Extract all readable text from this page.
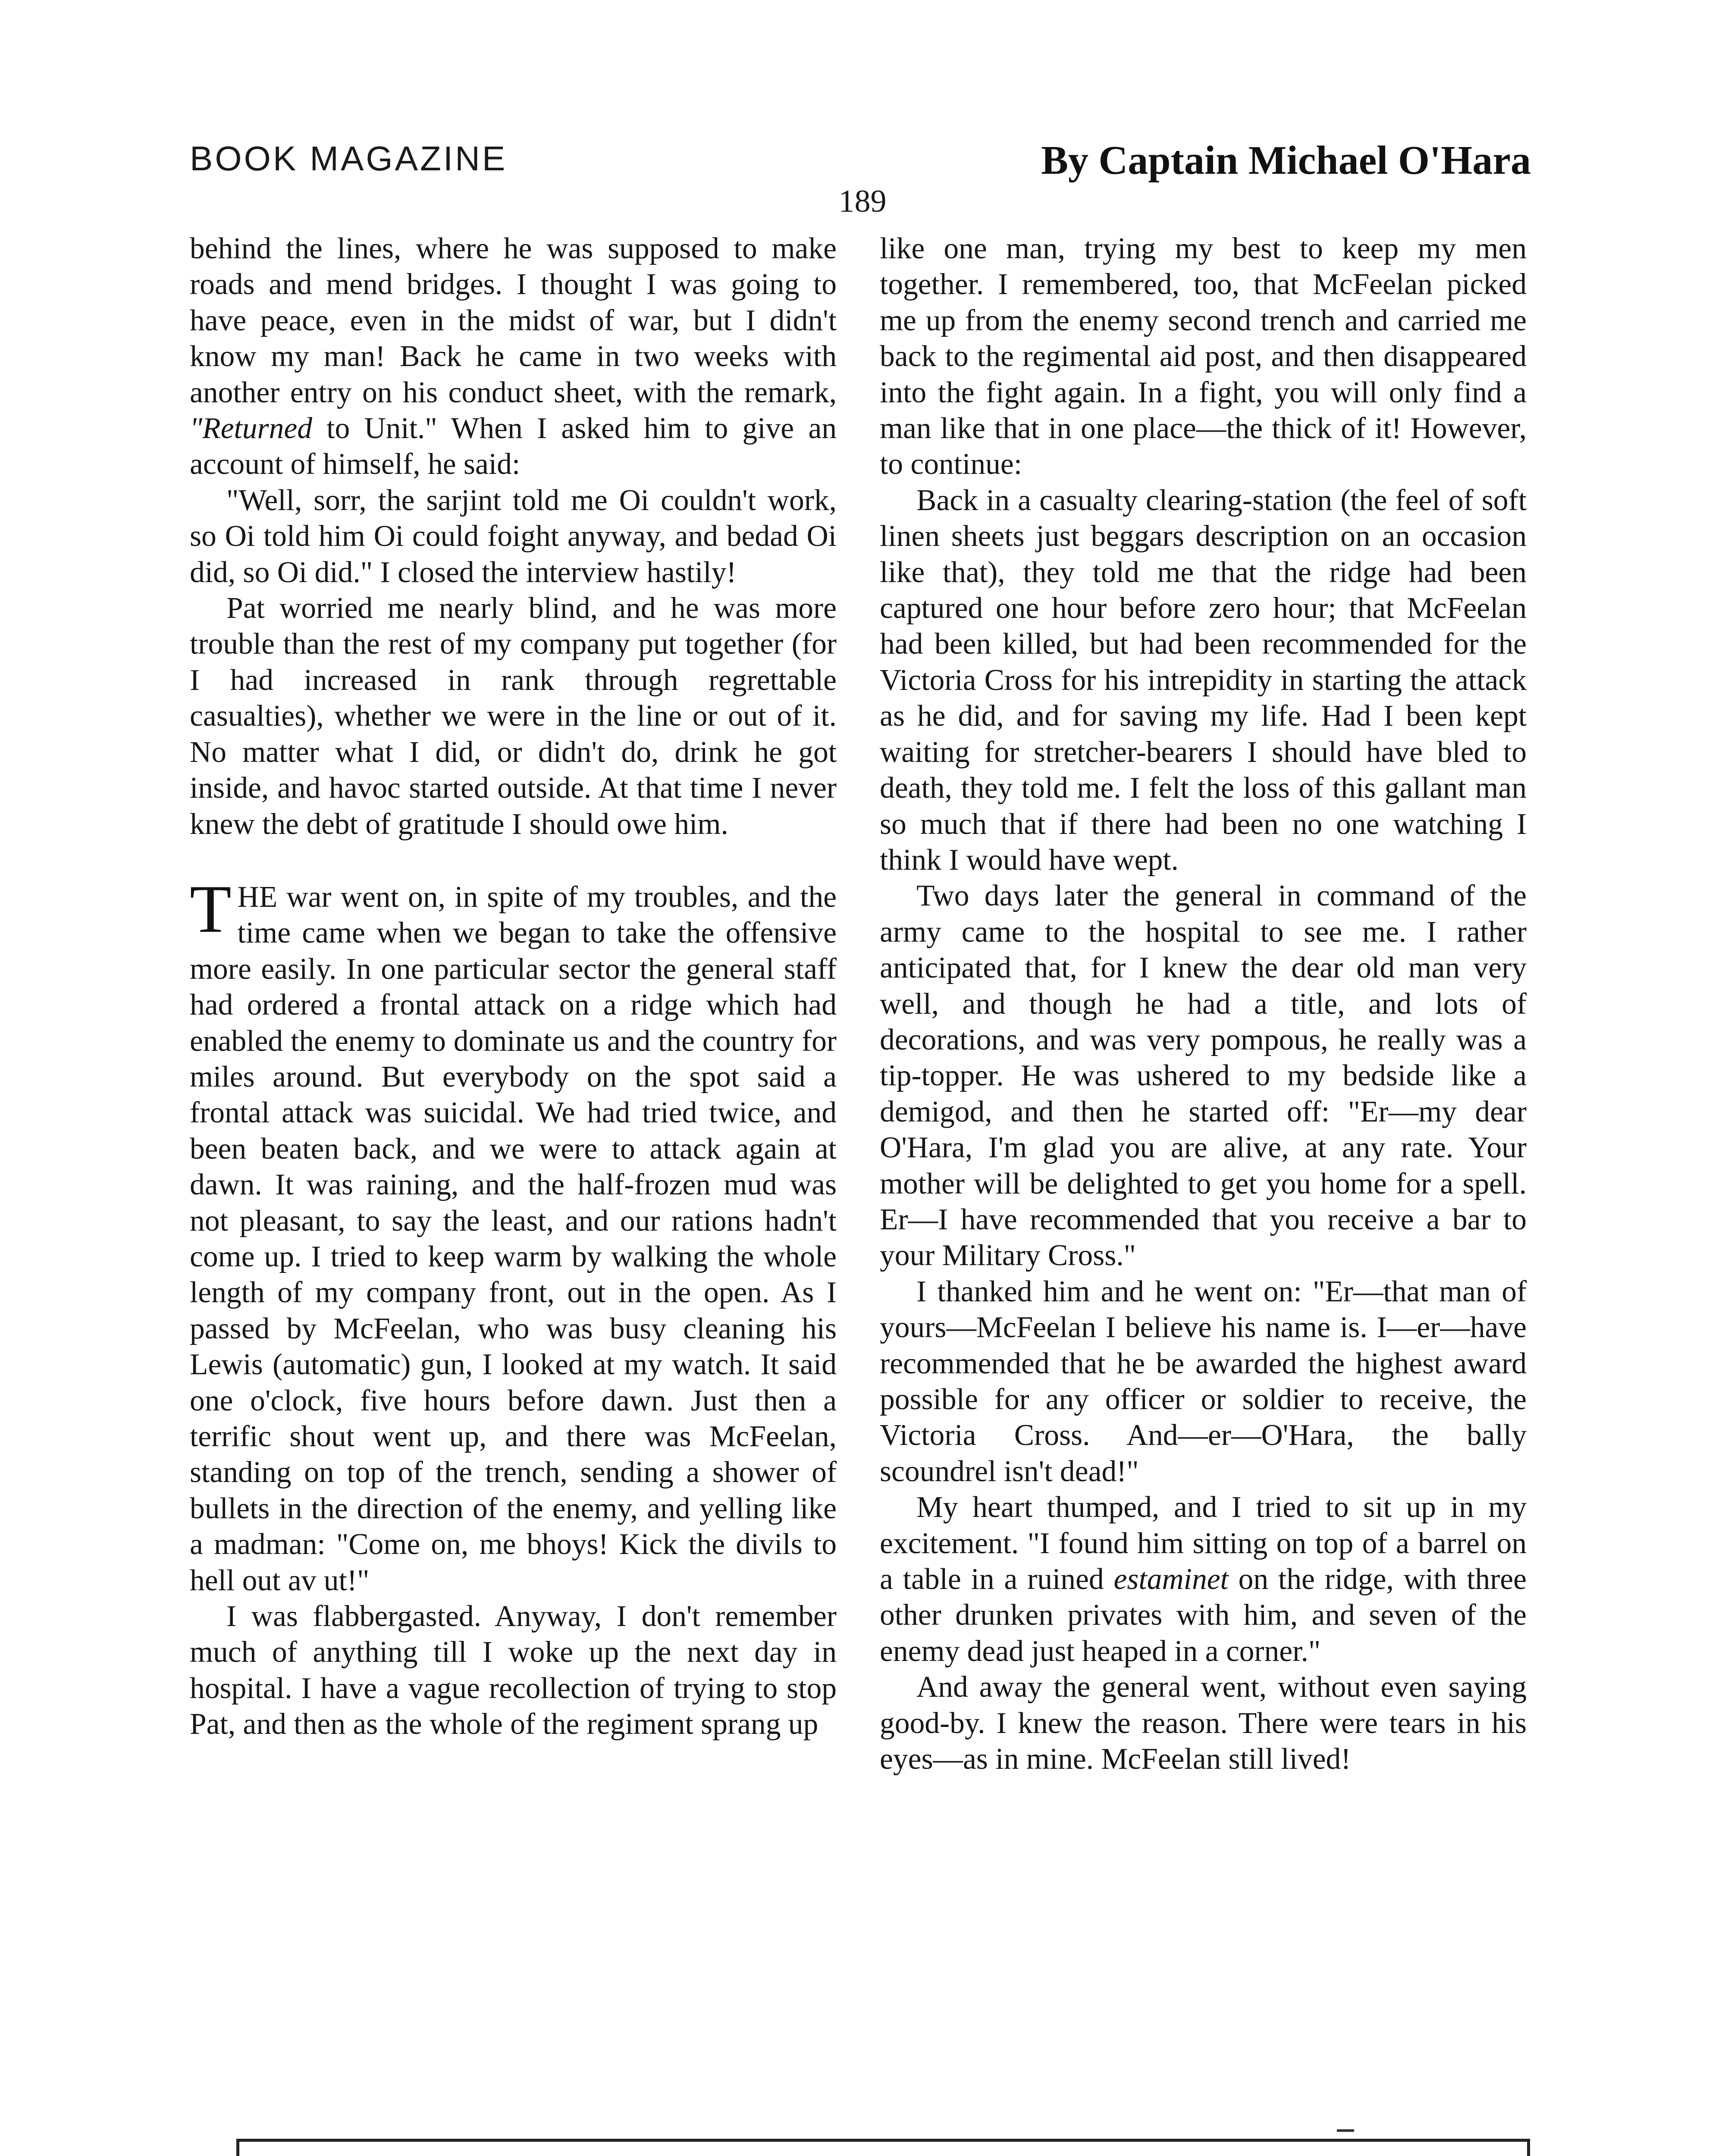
BOOK MAGAZINE	By Captain Michael O'Hara
189

behind the lines, where he was supposed to make roads and mend bridges. I thought I was going to have peace, even in the midst of war, but I didn't know my man! Back he came in two weeks with another entry on his conduct sheet, with the remark, "Returned to Unit." When I asked him to give an account of himself, he said:

"Well, sorr, the sarjint told me Oi couldn't work, so Oi told him Oi could foight anyway, and bedad Oi did, so Oi did." I closed the interview hastily!

Pat worried me nearly blind, and he was more trouble than the rest of my company put together (for I had increased in rank through regrettable casualties), whether we were in the line or out of it. No matter what I did, or didn't do, drink he got inside, and havoc started outside. At that time I never knew the debt of gratitude I should owe him.

THE war went on, in spite of my troubles, and the time came when we began to take the offensive more easily. In one particular sector the general staff had ordered a frontal attack on a ridge which had enabled the enemy to dominate us and the country for miles around. But everybody on the spot said a frontal attack was suicidal. We had tried twice, and been beaten back, and we were to attack again at dawn. It was raining, and the half-frozen mud was not pleasant, to say the least, and our rations hadn't come up. I tried to keep warm by walking the whole length of my company front, out in the open. As I passed by McFeelan, who was busy cleaning his Lewis (automatic) gun, I looked at my watch. It said one o'clock, five hours before dawn. Just then a terrific shout went up, and there was McFeelan, standing on top of the trench, sending a shower of bullets in the direction of the enemy, and yelling like a madman: "Come on, me bhoys! Kick the divils to hell out av ut!"

I was flabbergasted. Anyway, I don't remember much of anything till I woke up the next day in hospital. I have a vague recollection of trying to stop Pat, and then as the whole of the regiment sprang up

like one man, trying my best to keep my men together. I remembered, too, that McFeelan picked me up from the enemy second trench and carried me back to the regimental aid post, and then disappeared into the fight again. In a fight, you will only find a man like that in one place—the thick of it! However, to continue:

Back in a casualty clearing-station (the feel of soft linen sheets just beggars description on an occasion like that), they told me that the ridge had been captured one hour before zero hour; that McFeelan had been killed, but had been recommended for the Victoria Cross for his intrepidity in starting the attack as he did, and for saving my life. Had I been kept waiting for stretcher-bearers I should have bled to death, they told me. I felt the loss of this gallant man so much that if there had been no one watching I think I would have wept.

Two days later the general in command of the army came to the hospital to see me. I rather anticipated that, for I knew the dear old man very well, and though he had a title, and lots of decorations, and was very pompous, he really was a tip-topper. He was ushered to my bedside like a demigod, and then he started off: "Er—my dear O'Hara, I'm glad you are alive, at any rate. Your mother will be delighted to get you home for a spell. Er—I have recommended that you receive a bar to your Military Cross."

I thanked him and he went on: "Er—that man of yours—McFeelan I believe his name is. I—er—have recommended that he be awarded the highest award possible for any officer or soldier to receive, the Victoria Cross. And—er—O'Hara, the bally scoundrel isn't dead!"

My heart thumped, and I tried to sit up in my excitement. "I found him sitting on top of a barrel on a table in a ruined estaminet on the ridge, with three other drunken privates with him, and seven of the enemy dead just heaped in a corner."

And away the general went, without even saying good-by. I knew the reason. There were tears in his eyes—as in mine. McFeelan still lived!
